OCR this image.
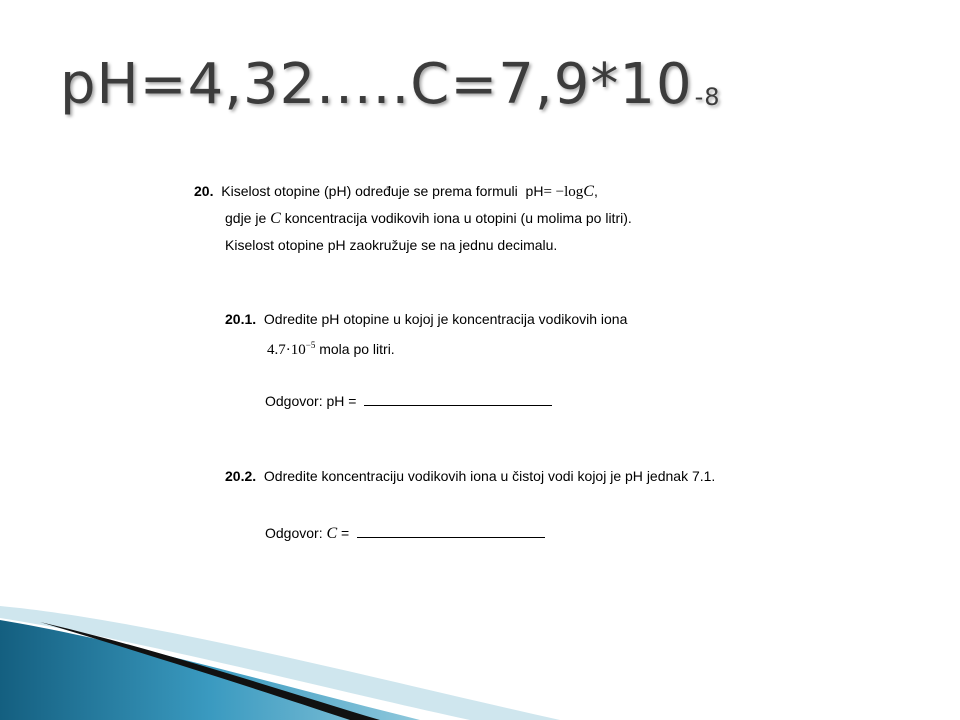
pH=4,32.....C=7,9*10-8
20. Kiselost otopine (pH) određuje se prema formuli pH= −logC,
gdje je C koncentracija vodikovih iona u otopini (u molima po litri).
Kiselost otopine pH zaokružuje se na jednu decimalu.
20.1. Odredite pH otopine u kojoj je koncentracija vodikovih iona
$4.7\cdot 10^{-5}$ mola po litri.
Odgovor: pH =
20.2. Odredite koncentraciju vodikovih iona u čistoj vodi kojoj je pH jednak 7.1.
Odgovor: C =
